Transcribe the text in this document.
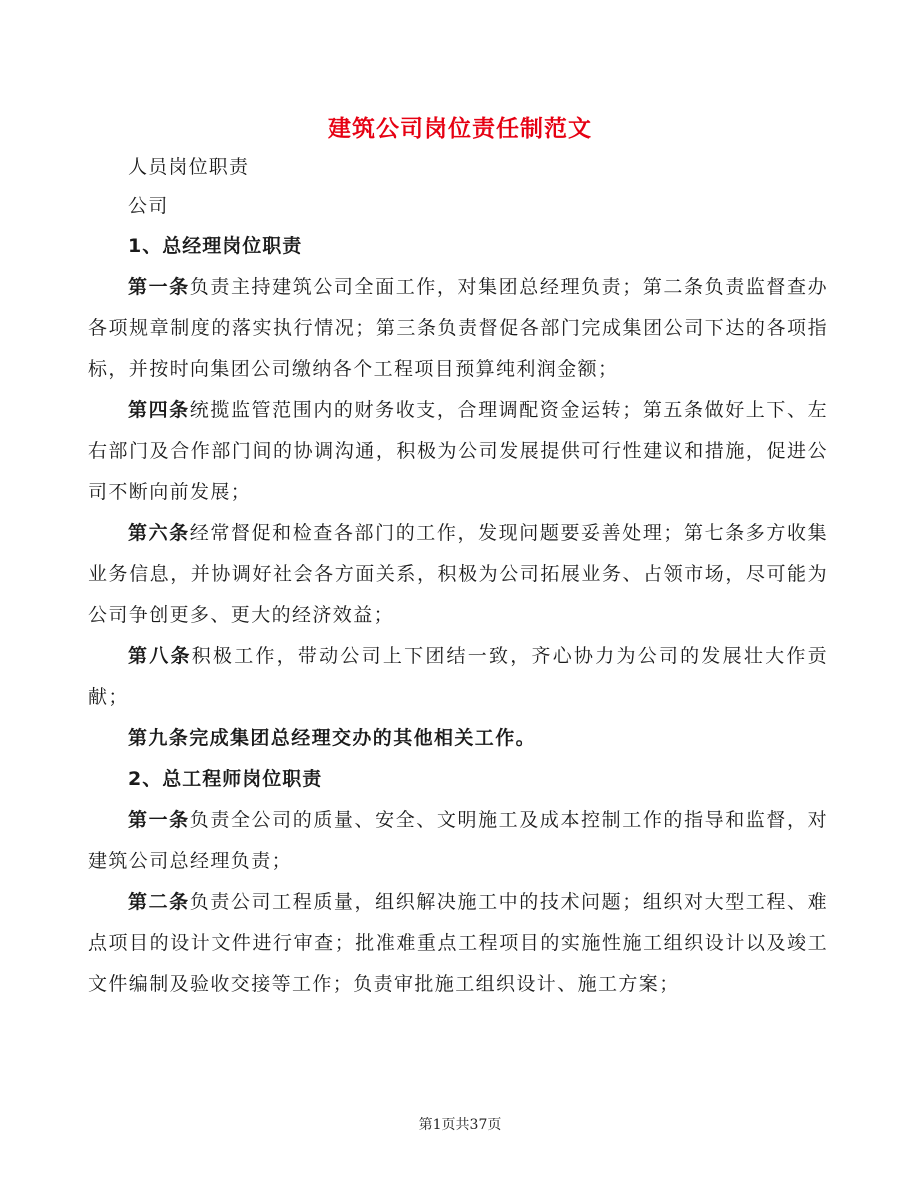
建筑公司岗位责任制范文

人员岗位职责

公司

1、总经理岗位职责

第一条负责主持建筑公司全面工作，对集团总经理负责；第二条负责监督查办各项规章制度的落实执行情况；第三条负责督促各部门完成集团公司下达的各项指标，并按时向集团公司缴纳各个工程项目预算纯利润金额；

第四条统揽监管范围内的财务收支，合理调配资金运转；第五条做好上下、左右部门及合作部门间的协调沟通，积极为公司发展提供可行性建议和措施，促进公司不断向前发展；

第六条经常督促和检查各部门的工作，发现问题要妥善处理；第七条多方收集业务信息，并协调好社会各方面关系，积极为公司拓展业务、占领市场，尽可能为公司争创更多、更大的经济效益；

第八条积极工作，带动公司上下团结一致，齐心协力为公司的发展壮大作贡献；

第九条完成集团总经理交办的其他相关工作。

2、总工程师岗位职责

第一条负责全公司的质量、安全、文明施工及成本控制工作的指导和监督，对建筑公司总经理负责；

第二条负责公司工程质量，组织解决施工中的技术问题；组织对大型工程、难点项目的设计文件进行审查；批准难重点工程项目的实施性施工组织设计以及竣工文件编制及验收交接等工作；负责审批施工组织设计、施工方案；

第1页共37页
